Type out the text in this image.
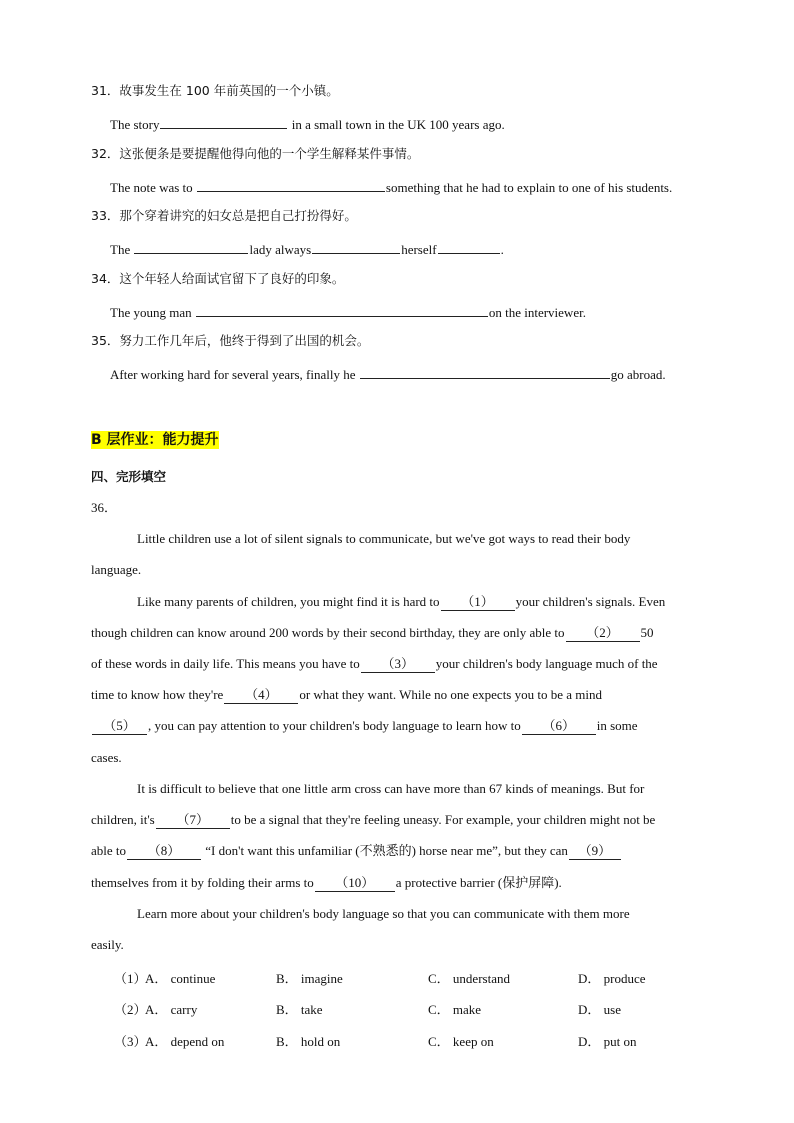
31．故事发生在 100 年前英国的一个小镇。
The story	in a small town in the UK 100 years ago.
32．这张便条是要提醒他得向他的一个学生解释某件事情。
The note was to	something that he had to explain to one of his students.
33．那个穿着讲究的妇女总是把自己打扮得好。
The	lady always	herself	.
34．这个年轻人给面试官留下了良好的印象。
The young man	on the interviewer.
35．努力工作几年后，他终于得到了出国的机会。
After working hard for several years, finally he	go abroad.
B 层作业：能力提升
四、完形填空
36．
Little children use a lot of silent signals to communicate, but we've got ways to read their body
language.
Like many parents of children, you might find it is hard to （1） your children's signals. Even
though children can know around 200 words by their second birthday, they are only able to （2） 50
of these words in daily life. This means you have to （3） your children's body language much of the
time to know how they're （4） or what they want. While no one expects you to be a mind
（5） , you can pay attention to your children's body language to learn how to （6） in some
cases.
It is difficult to believe that one little arm cross can have more than 67 kinds of meanings. But for
children, it's （7） to be a signal that they're feeling uneasy. For example, your children might not be
able to （8） “I don't want this unfamiliar (不熟悉的) horse near me”, but they can （9）
themselves from it by folding their arms to （10） a protective barrier (保护屏障).
Learn more about your children's body language so that you can communicate with them more
easily.
（1）
A． continue	B． imagine	C． understand	D． produce
（2）
A． carry	B． take	C． make	D． use
（3）
A． depend on	B． hold on	C． keep on	D． put on
